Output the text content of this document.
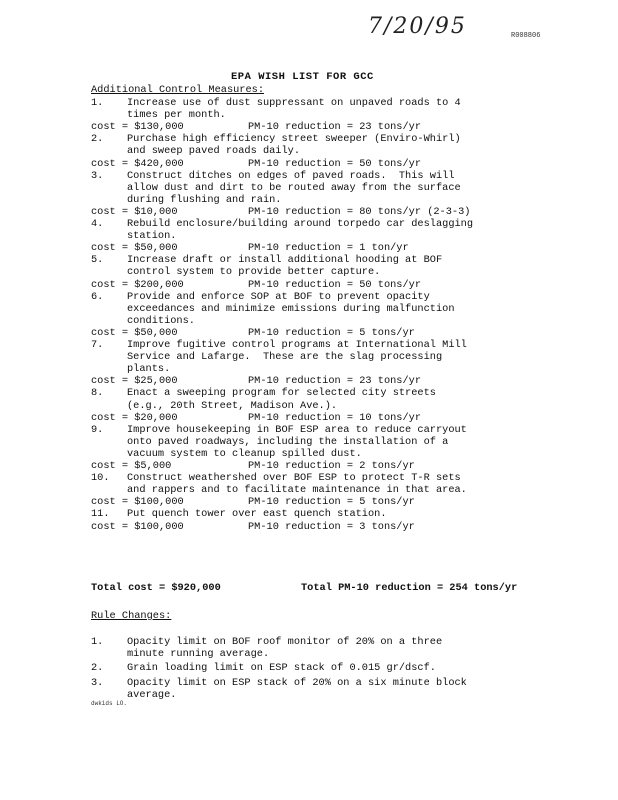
7/20/95	R008806
EPA WISH LIST FOR GCC
Additional Control Measures:
1. Increase use of dust suppressant on unpaved roads to 4
times per month.
cost = $130,000	PM-10 reduction = 23 tons/yr
2. Purchase high efficiency street sweeper (Enviro-Whirl)
and sweep paved roads daily.
cost = $420,000	PM-10 reduction = 50 tons/yr
3. Construct ditches on edges of paved roads.  This will
allow dust and dirt to be routed away from the surface
during flushing and rain.
cost = $10,000	PM-10 reduction = 80 tons/yr (2-3-3)
4. Rebuild enclosure/building around torpedo car deslagging
station.
cost = $50,000	PM-10 reduction = 1 ton/yr
5. Increase draft or install additional hooding at BOF
control system to provide better capture.
cost = $200,000	PM-10 reduction = 50 tons/yr
6. Provide and enforce SOP at BOF to prevent opacity
exceedances and minimize emissions during malfunction
conditions.
cost = $50,000	PM-10 reduction = 5 tons/yr
7. Improve fugitive control programs at International Mill
Service and Lafarge.  These are the slag processing
plants.
cost = $25,000	PM-10 reduction = 23 tons/yr
8. Enact a sweeping program for selected city streets
(e.g., 20th Street, Madison Ave.).
cost = $20,000	PM-10 reduction = 10 tons/yr
9. Improve housekeeping in BOF ESP area to reduce carryout
onto paved roadways, including the installation of a
vacuum system to cleanup spilled dust.
cost = $5,000	PM-10 reduction = 2 tons/yr
10. Construct weathershed over BOF ESP to protect T-R sets
and rappers and to facilitate maintenance in that area.
cost = $100,000	PM-10 reduction = 5 tons/yr
11. Put quench tower over east quench station.
cost = $100,000	PM-10 reduction = 3 tons/yr
Total cost = $920,000	Total PM-10 reduction = 254 tons/yr
Rule Changes:
1. Opacity limit on BOF roof monitor of 20% on a three
minute running average.
2. Grain loading limit on ESP stack of 0.015 gr/dscf.
3. Opacity limit on ESP stack of 20% on a six minute block
average.
dwkids LO.
